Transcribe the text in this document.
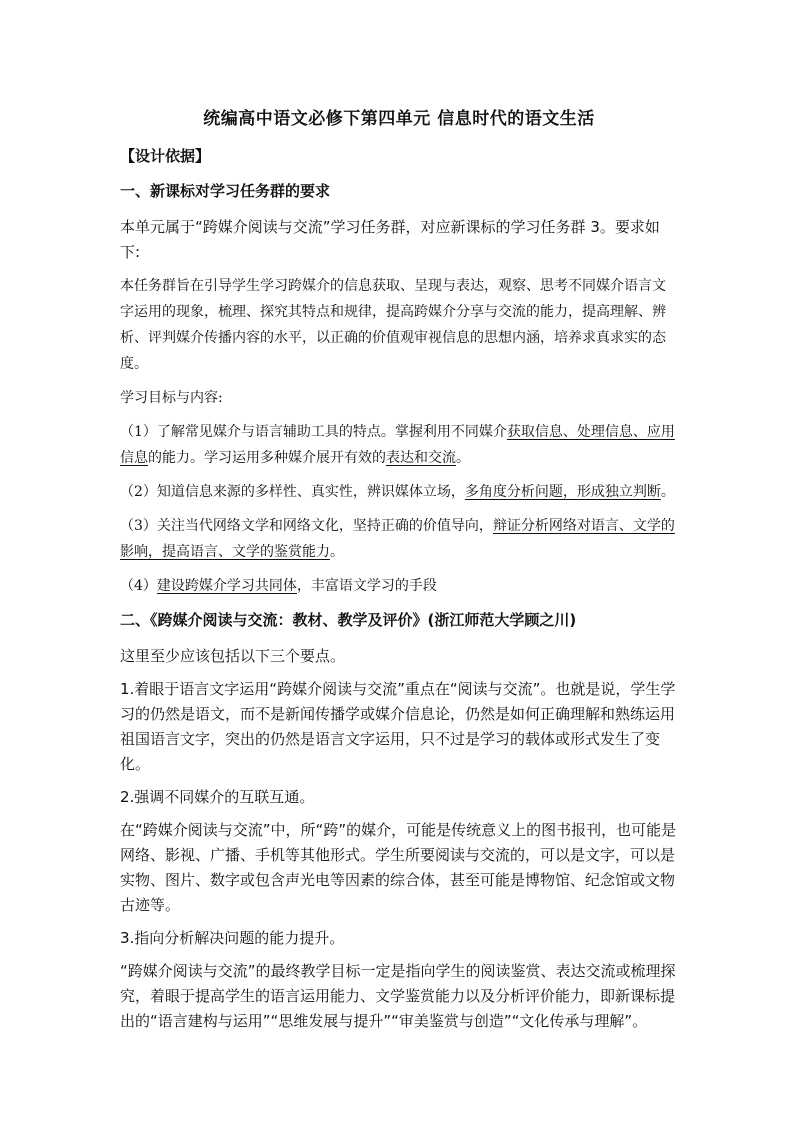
统编高中语文必修下第四单元 信息时代的语文生活
【设计依据】
一、新课标对学习任务群的要求

本单元属于“跨媒介阅读与交流”学习任务群，对应新课标的学习任务群 3。要求如下:

本任务群旨在引导学生学习跨媒介的信息获取、呈现与表达，观察、思考不同媒介语言文字运用的现象，梳理、探究其特点和规律，提高跨媒介分享与交流的能力，提高理解、辨析、评判媒介传播内容的水平，以正确的价值观审视信息的思想内涵，培养求真求实的态度。

学习目标与内容:

（1）了解常见媒介与语言辅助工具的特点。掌握利用不同媒介获取信息、处理信息、应用信息的能力。学习运用多种媒介展开有效的表达和交流。

（2）知道信息来源的多样性、真实性，辨识媒体立场，多角度分析问题，形成独立判断。

（3）关注当代网络文学和网络文化，坚持正确的价值导向，辩证分析网络对语言、文学的影响，提高语言、文学的鉴赏能力。

（4）建设跨媒介学习共同体，丰富语文学习的手段

二、《跨媒介阅读与交流：教材、教学及评价》(浙江师范大学顾之川)

这里至少应该包括以下三个要点。

1.着眼于语言文字运用“跨媒介阅读与交流”重点在“阅读与交流”。也就是说，学生学习的仍然是语文，而不是新闻传播学或媒介信息论，仍然是如何正确理解和熟练运用祖国语言文字，突出的仍然是语言文字运用，只不过是学习的载体或形式发生了变化。

2.强调不同媒介的互联互通。

在“跨媒介阅读与交流”中，所“跨”的媒介，可能是传统意义上的图书报刊，也可能是网络、影视、广播、手机等其他形式。学生所要阅读与交流的，可以是文字，可以是实物、图片、数字或包含声光电等因素的综合体，甚至可能是博物馆、纪念馆或文物古迹等。

3.指向分析解决问题的能力提升。

“跨媒介阅读与交流”的最终教学目标一定是指向学生的阅读鉴赏、表达交流或梳理探究，着眼于提高学生的语言运用能力、文学鉴赏能力以及分析评价能力，即新课标提出的“语言建构与运用”“思维发展与提升”“审美鉴赏与创造”“文化传承与理解”。
